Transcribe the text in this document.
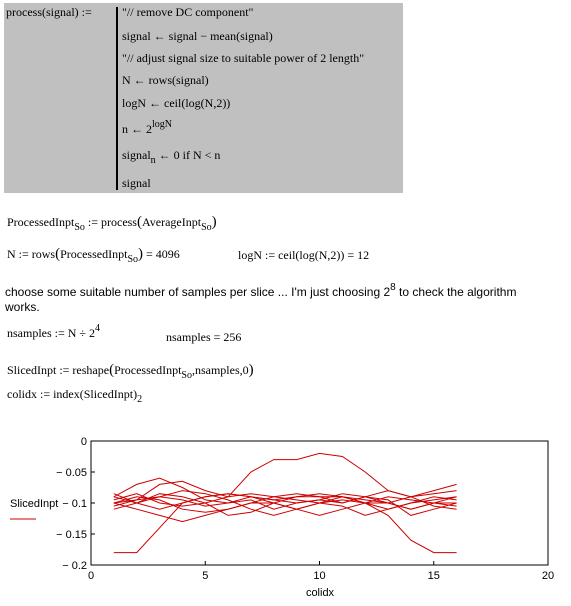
process(signal) :=	"// remove DC component"
signal ← signal − mean(signal)
"// adjust signal size to suitable power of 2 length"
N ← rows(signal)
logN ← ceil(log(N,2))
n ← $2^{logN}$
signal$_n$ ← 0 if N < n
signal
ProcessedInpt$_{So}$ := process(AverageInpt$_{So}$)
N := rows(ProcessedInpt$_{So}$) = 4096	logN := ceil(log(N,2)) = 12
choose some suitable number of samples per slice ... I'm just choosing $2^8$ to check the algorithm
works.
nsamples := $N \div 2^4$
nsamples = 256
SlicedInpt := reshape(ProcessedInpt$_{So}$,nsamples,0)
colidx := $index(SlicedInpt)_2$
0	5	10	15	20
0
− 0.05
− 0.1
− 0.15
− 0.2
SlicedInpt
colidx
